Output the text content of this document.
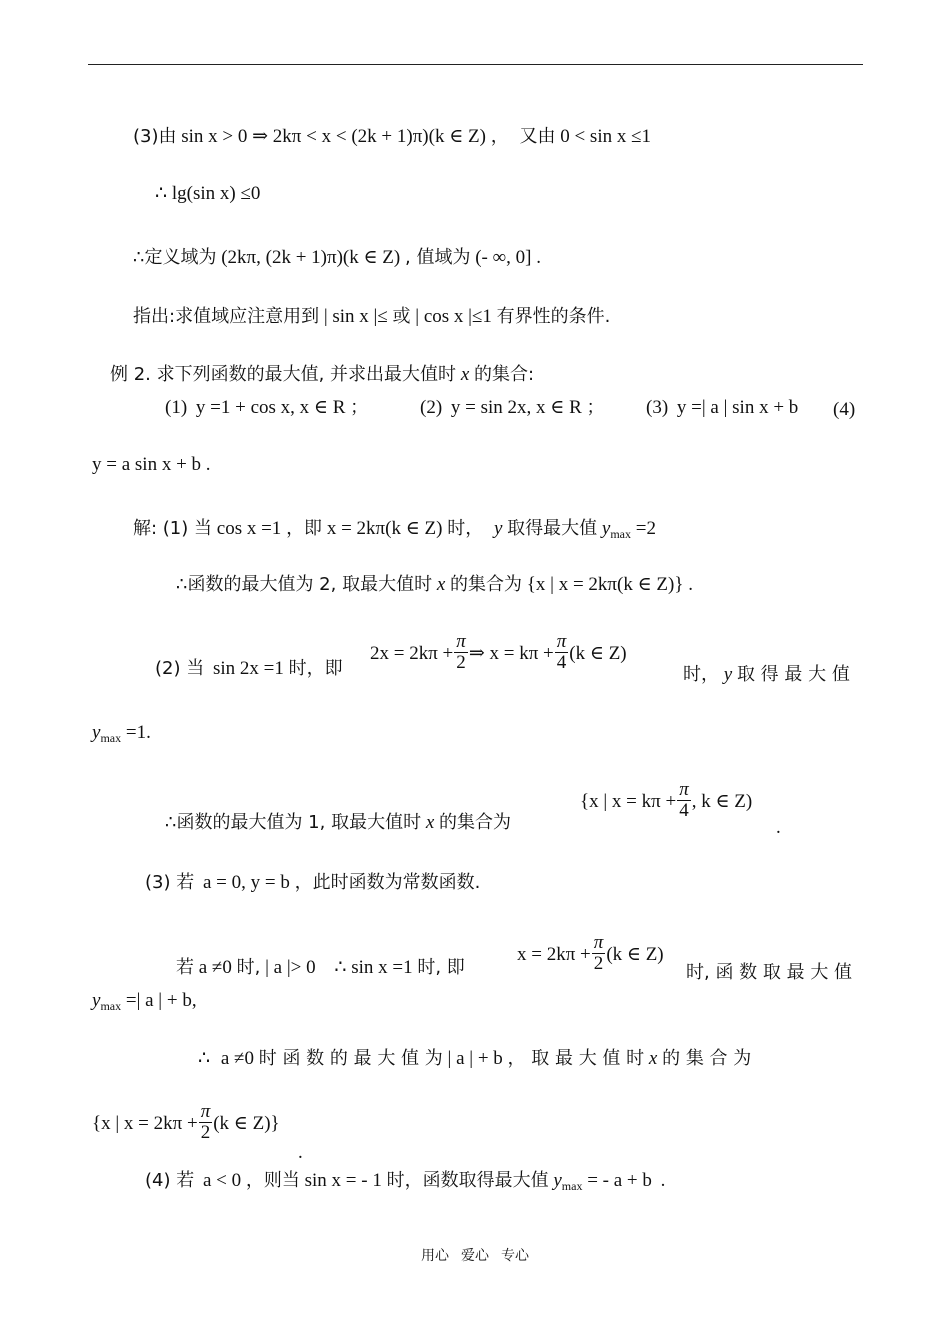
(3)由 sin x > 0 ⇒ 2kπ < x < (2k + 1)π)(k ∈ Z) ， 又由 0 < sin x ≤1
∴ lg(sin x) ≤0
∴定义域为 (2kπ, (2k + 1)π)(k ∈ Z) , 值域为 (- ∞, 0] .
指出:求值域应注意用到 | sin x |≤ 或 | cos x |≤1 有界性的条件.
例 2. 求下列函数的最大值, 并求出最大值时 x 的集合:
(1) y =1 + cos x, x ∈ R ；	(2) y = sin 2x, x ∈ R ； (3) y =| a | sin x + b (4)
y = a sin x + b .
解: (1) 当 cos x =1 ，即 x = 2kπ(k ∈ Z) 时， y 取得最大值 $y_{max} =2$
∴函数的最大值为 2, 取最大值时 x 的集合为 {x | x = 2kπ(k ∈ Z)} .
(2) 当 sin 2x =1 时，即
$2x = 2k\pi + \frac{\pi}{2}$ ⇒ $x = k\pi + \frac{\pi}{4} (k$ ∈ Z)
时， y 取 得 最 大 值
$y_{max} =1$.
∴函数的最大值为 1, 取最大值时 x 的集合为
{x | $x = k\pi + \frac{\pi}{4}$ , k ∈ Z)
.
(3) 若 a = 0, y = b ，此时函数为常数函数.
若 a ≠0 时, | a |> 0 ∴ sin x =1 时, 即
$x = 2k\pi + \frac{\pi}{2} (k$ ∈ Z)
时, 函 数 取 最 大 值
$y_{max}$ =| a | + b,
∴ a ≠0 时 函 数 的 最 大 值 为 | a | + b ， 取 最 大 值 时 x 的 集 合 为
{x | $x = 2k\pi + \frac{\pi}{2} (k$ ∈ Z)}
.
(4) 若 a < 0 ，则当 sin x = - 1 时，函数取得最大值 $y_{max}$ = - a + b .
用心 爱心 专心
